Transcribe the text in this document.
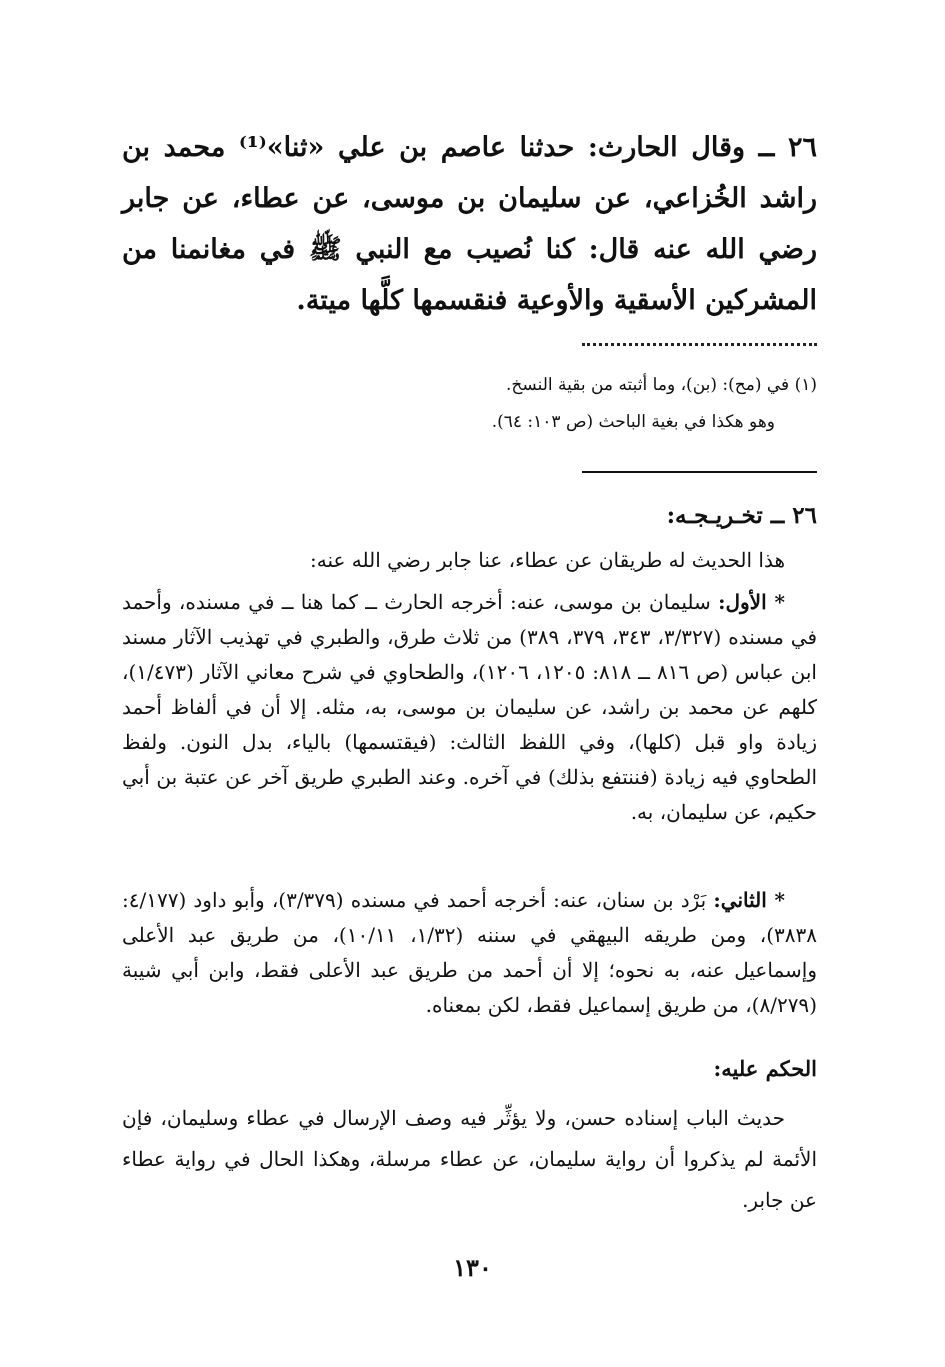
٢٦ ــ وقال الحارث: حدثنا عاصم بن علي «ثنا»⁽¹⁾ محمد بن راشد الخُزاعي، عن سليمان بن موسى، عن عطاء، عن جابر رضي الله عنه قال: كنا نُصيب مع النبي ﷺ في مغانمنا من المشركين الأسقية والأوعية فنقسمها كلَّها ميتة.
(١) في (مح): (بن)، وما أثبته من بقية النسخ.
وهو هكذا في بغية الباحث (ص ١٠٣: ٦٤).
٢٦ ــ تخـريـجـه:
هذا الحديث له طريقان عن عطاء، عنا جابر رضي الله عنه:
* الأول: سليمان بن موسى، عنه: أخرجه الحارث ــ كما هنا ــ في مسنده، وأحمد في مسنده (٣/٣٢٧، ٣٤٣، ٣٧٩، ٣٨٩) من ثلاث طرق، والطبري في تهذيب الآثار مسند ابن عباس (ص ٨١٦ ــ ٨١٨: ١٢٠٥، ١٢٠٦)، والطحاوي في شرح معاني الآثار (١/٤٧٣)، كلهم عن محمد بن راشد، عن سليمان بن موسى، به، مثله. إلا أن في ألفاظ أحمد زيادة واو قبل (كلها)، وفي اللفظ الثالث: (فيقتسمها) بالياء، بدل النون. ولفظ الطحاوي فيه زيادة (فننتفع بذلك) في آخره. وعند الطبري طريق آخر عن عتبة بن أبي حكيم، عن سليمان، به.
* الثاني: بَرْد بن سنان، عنه: أخرجه أحمد في مسنده (٣/٣٧٩)، وأبو داود (٤/١٧٧: ٣٨٣٨)، ومن طريقه البيهقي في سننه (١/٣٢، ١٠/١١)، من طريق عبد الأعلى وإسماعيل عنه، به نحوه؛ إلا أن أحمد من طريق عبد الأعلى فقط، وابن أبي شيبة (٨/٢٧٩)، من طريق إسماعيل فقط، لكن بمعناه.
الحكم عليه:
حديث الباب إسناده حسن، ولا يؤثِّر فيه وصف الإرسال في عطاء وسليمان، فإن الأئمة لم يذكروا أن رواية سليمان، عن عطاء مرسلة، وهكذا الحال في رواية عطاء عن جابر.
١٣٠
